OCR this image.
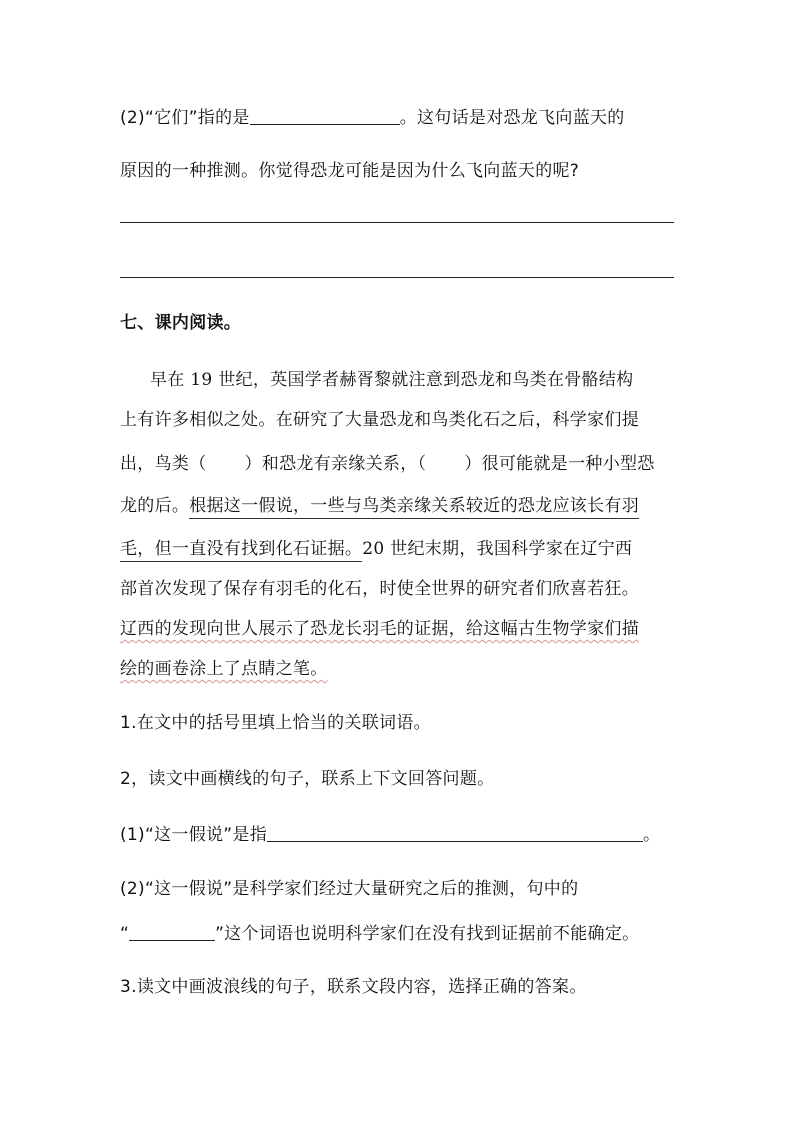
(2)“它们”指的是	。这句话是对恐龙飞向蓝天的
原因的一种推测。你觉得恐龙可能是因为什么飞向蓝天的呢?
七、课内阅读。
早在 19 世纪，英国学者赫胥黎就注意到恐龙和鸟类在骨骼结构
上有许多相似之处。在研究了大量恐龙和鸟类化石之后，科学家们提
出，鸟类（ ）和恐龙有亲缘关系，（ ）很可能就是一种小型恐
龙的后。根据这一假说，一些与鸟类亲缘关系较近的恐龙应该长有羽
毛，但一直没有找到化石证据。20 世纪末期，我国科学家在辽宁西
部首次发现了保存有羽毛的化石，时使全世界的研究者们欣喜若狂。
辽西的发现向世人展示了恐龙长羽毛的证据，给这幅古生物学家们描
绘的画卷涂上了点睛之笔。
1.在文中的括号里填上恰当的关联词语。
2，读文中画横线的句子，联系上下文回答问题。
(1)“这一假说”是指	。
(2)“这一假说”是科学家们经过大量研究之后的推测，句中的
“	”这个词语也说明科学家们在没有找到证据前不能确定。
3.读文中画波浪线的句子，联系文段内容，选择正确的答案。
